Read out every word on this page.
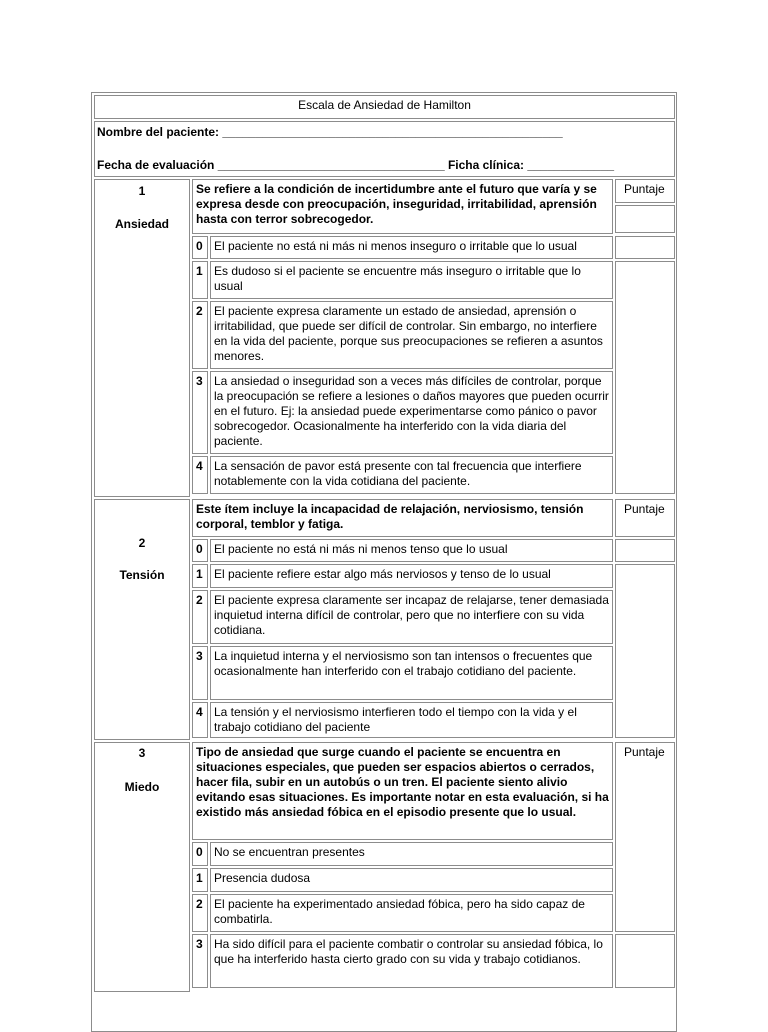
Escala de Ansiedad de Hamilton
Nombre del paciente: ___________________________________________________
Fecha de evaluación __________________________________ Ficha clínica: _____________
1
Ansiedad
Se refiere a la condición de incertidumbre ante el futuro que varía y se expresa desde con preocupación, inseguridad, irritabilidad, aprensión hasta con terror sobrecogedor.
Puntaje
0 El paciente no está ni más ni menos inseguro o irritable que lo usual
1 Es dudoso si el paciente se encuentre más inseguro o irritable que lo usual
2 El paciente expresa claramente un estado de ansiedad, aprensión o irritabilidad, que puede ser difícil de controlar. Sin embargo, no interfiere en la vida del paciente, porque sus preocupaciones se refieren a asuntos menores.
3 La ansiedad o inseguridad son a veces más difíciles de controlar, porque la preocupación se refiere a lesiones o daños mayores que pueden ocurrir en el futuro. Ej: la ansiedad puede experimentarse como pánico o pavor sobrecogedor. Ocasionalmente ha interferido con la vida diaria del paciente.
4 La sensación de pavor está presente con tal frecuencia que interfiere notablemente con la vida cotidiana del paciente.
2
Tensión
Este ítem incluye la incapacidad de relajación, nerviosismo, tensión corporal, temblor y fatiga.
Puntaje
0 El paciente no está ni más ni menos tenso que lo usual
1 El paciente refiere estar algo más nerviosos y tenso de lo usual
2 El paciente expresa claramente ser incapaz de relajarse, tener demasiada inquietud interna difícil de controlar, pero que no interfiere con su vida cotidiana.
3 La inquietud interna y el nerviosismo son tan intensos o frecuentes que ocasionalmente han interferido con el trabajo cotidiano del paciente.
4 La tensión y el nerviosismo interfieren todo el tiempo con la vida y el trabajo cotidiano del paciente
3
Miedo
Tipo de ansiedad que surge cuando el paciente se encuentra en situaciones especiales, que pueden ser espacios abiertos o cerrados, hacer fila, subir en un autobús o un tren. El paciente siento alivio evitando esas situaciones. Es importante notar en esta evaluación, si ha existido más ansiedad fóbica en el episodio presente que lo usual.
0 No se encuentran presentes
1 Presencia dudosa
2 El paciente ha experimentado ansiedad fóbica, pero ha sido capaz de combatirla.
3 Ha sido difícil para el paciente combatir o controlar su ansiedad fóbica, lo que ha interferido hasta cierto grado con su vida y trabajo cotidianos.
Puntaje
